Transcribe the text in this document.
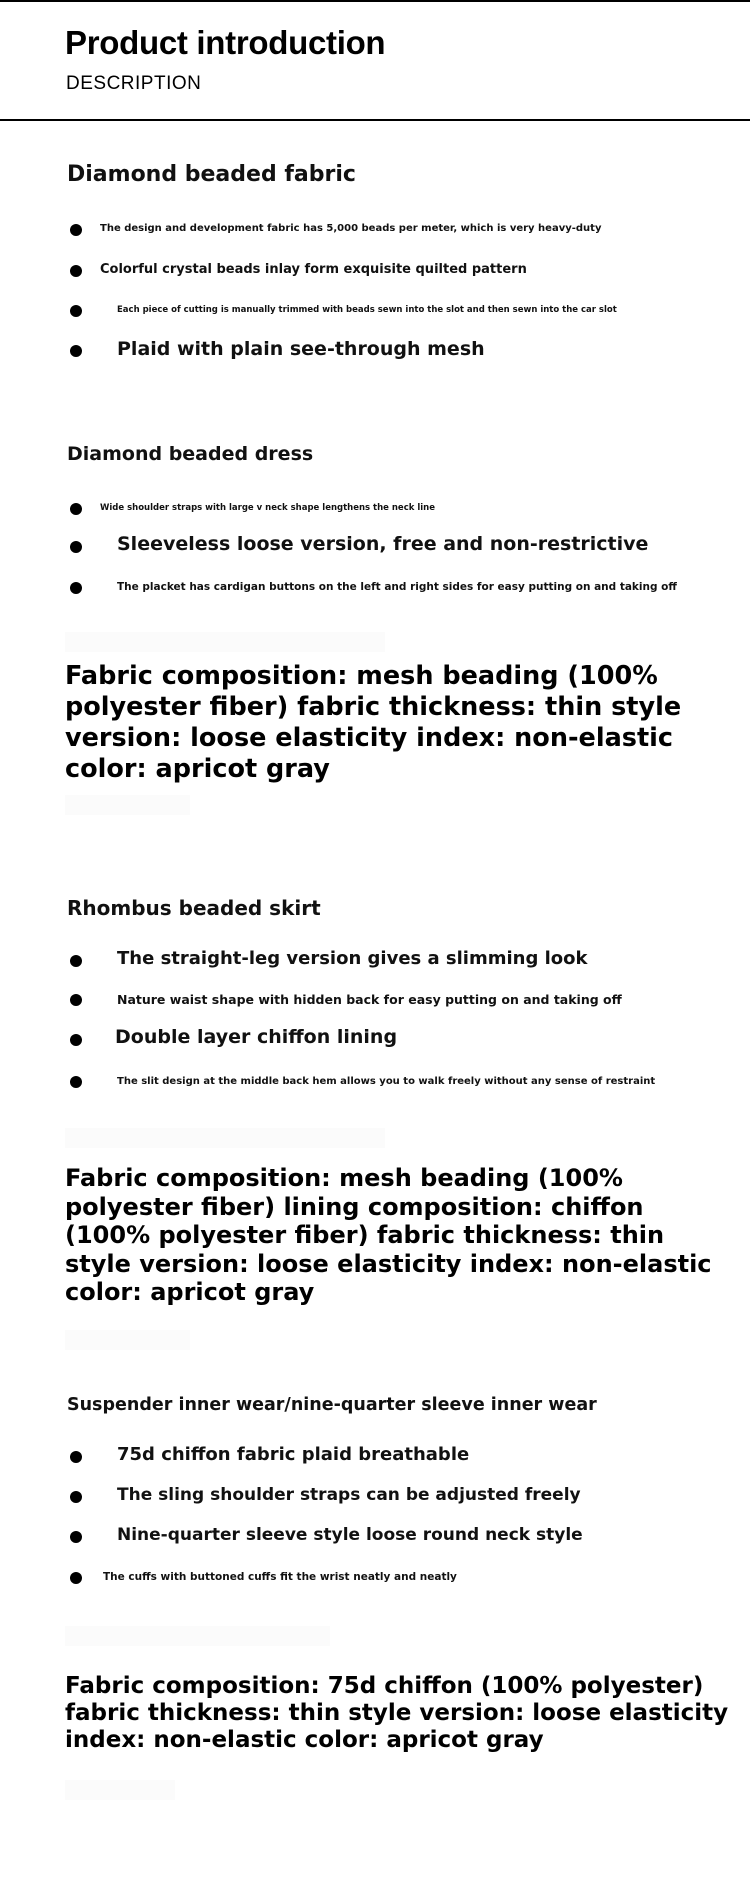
Product introduction
DESCRIPTION
Diamond beaded fabric
The design and development fabric has 5,000 beads per meter, which is very heavy-duty
Colorful crystal beads inlay form exquisite quilted pattern
Each piece of cutting is manually trimmed with beads sewn into the slot and then sewn into the car slot
Plaid with plain see-through mesh
Diamond beaded dress
Wide shoulder straps with large v neck shape lengthens the neck line
Sleeveless loose version, free and non-restrictive
The placket has cardigan buttons on the left and right sides for easy putting on and taking off
Fabric composition: mesh beading (100%
polyester fiber) fabric thickness: thin style
version: loose elasticity index: non-elastic
color: apricot gray
Rhombus beaded skirt
The straight-leg version gives a slimming look
Nature waist shape with hidden back for easy putting on and taking off
Double layer chiffon lining
The slit design at the middle back hem allows you to walk freely without any sense of restraint
Fabric composition: mesh beading (100%
polyester fiber) lining composition: chiffon
(100% polyester fiber) fabric thickness: thin
style version: loose elasticity index: non-elastic
color: apricot gray
Suspender inner wear/nine-quarter sleeve inner wear
75d chiffon fabric plaid breathable
The sling shoulder straps can be adjusted freely
Nine-quarter sleeve style loose round neck style
The cuffs with buttoned cuffs fit the wrist neatly and neatly
Fabric composition: 75d chiffon (100% polyester)
fabric thickness: thin style version: loose elasticity
index: non-elastic color: apricot gray
